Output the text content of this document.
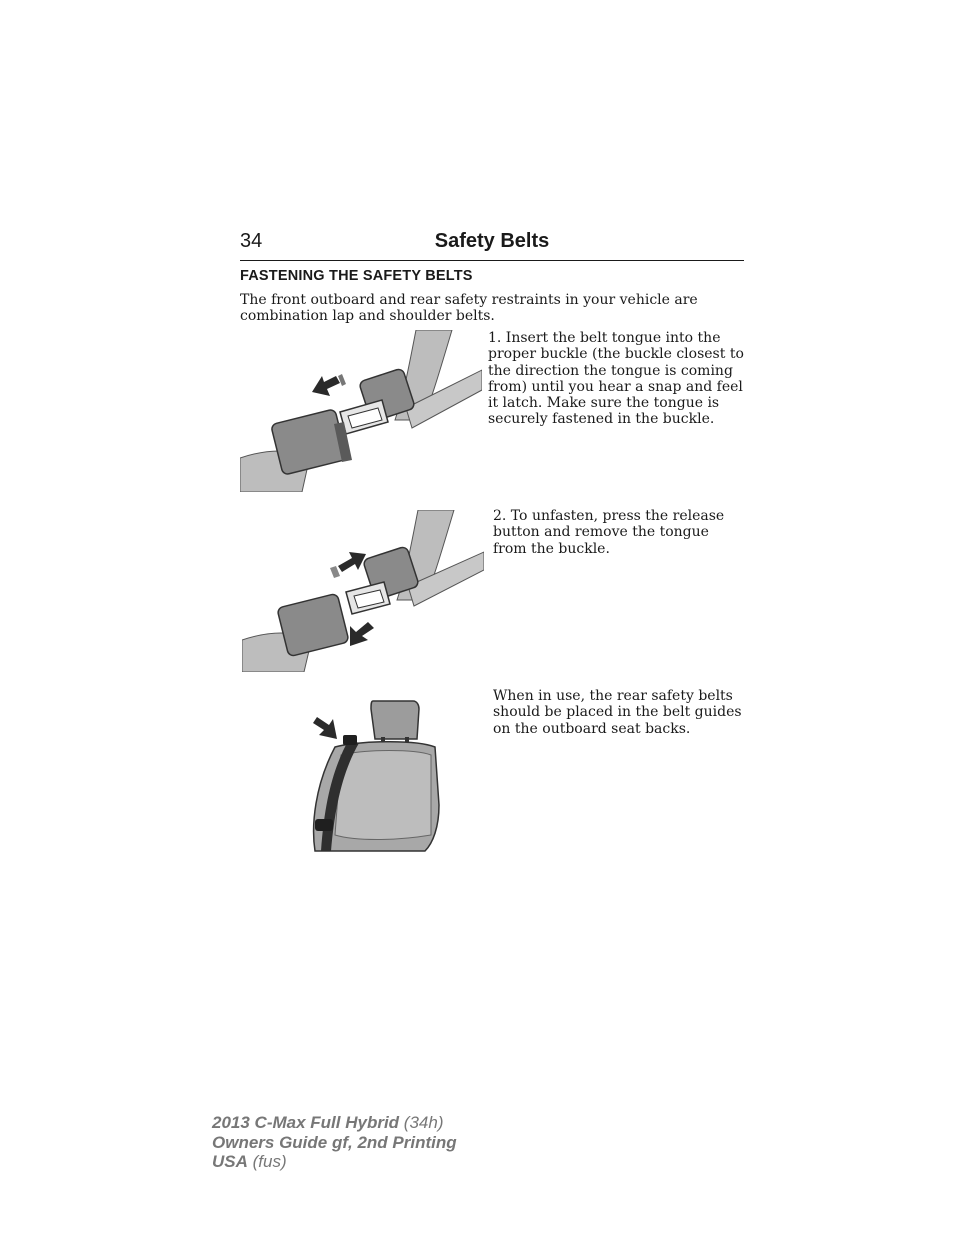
34	Safety Belts
FASTENING THE SAFETY BELTS

The front outboard and rear safety restraints in your vehicle are combination lap and shoulder belts.

1. Insert the belt tongue into the proper buckle (the buckle closest to the direction the tongue is coming from) until you hear a snap and feel it latch. Make sure the tongue is securely fastened in the buckle.

2. To unfasten, press the release button and remove the tongue from the buckle.

When in use, the rear safety belts should be placed in the belt guides on the outboard seat backs.

2013 C-Max Full Hybrid (34h)
Owners Guide gf, 2nd Printing
USA (fus)
